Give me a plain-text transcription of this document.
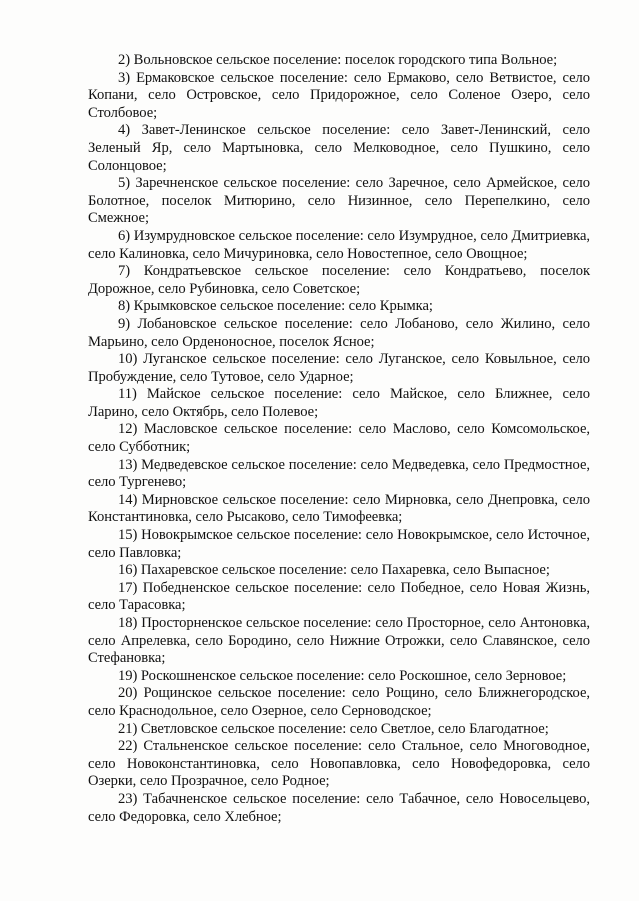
2) Вольновское сельское поселение: поселок городского типа Вольное;

3) Ермаковское сельское поселение: село Ермаково, село Ветвистое, село Копани, село Островское, село Придорожное, село Соленое Озеро, село Столбовое;

4) Завет-Ленинское сельское поселение: село Завет-Ленинский, село Зеленый Яр, село Мартыновка, село Мелководное, село Пушкино, село Солонцовое;

5) Заречненское сельское поселение: село Заречное, село Армейское, село Болотное, поселок Митюрино, село Низинное, село Перепелкино, село Смежное;

6) Изумрудновское сельское поселение: село Изумрудное, село Дмитриевка, село Калиновка, село Мичуриновка, село Новостепное, село Овощное;

7) Кондратьевское сельское поселение: село Кондратьево, поселок Дорожное, село Рубиновка, село Советское;

8) Крымковское сельское поселение: село Крымка;

9) Лобановское сельское поселение: село Лобаново, село Жилино, село Марьино, село Орденоносное, поселок Ясное;

10) Луганское сельское поселение: село Луганское, село Ковыльное, село Пробуждение, село Тутовое, село Ударное;

11) Майское сельское поселение: село Майское, село Ближнее, село Ларино, село Октябрь, село Полевое;

12) Масловское сельское поселение: село Маслово, село Комсомольское, село Субботник;

13) Медведевское сельское поселение: село Медведевка, село Предмостное, село Тургенево;

14) Мирновское сельское поселение: село Мирновка, село Днепровка, село Константиновка, село Рысаково, село Тимофеевка;

15) Новокрымское сельское поселение: село Новокрымское, село Источное, село Павловка;

16) Пахаревское сельское поселение: село Пахаревка, село Выпасное;

17) Победненское сельское поселение: село Победное, село Новая Жизнь, село Тарасовка;

18) Просторненское сельское поселение: село Просторное, село Антоновка, село Апрелевка, село Бородино, село Нижние Отрожки, село Славянское, село Стефановка;

19) Роскошненское сельское поселение: село Роскошное, село Зерновое;

20) Рощинское сельское поселение: село Рощино, село Ближнегородское, село Краснодольное, село Озерное, село Серноводское;

21) Светловское сельское поселение: село Светлое, село Благодатное;

22) Стальненское сельское поселение: село Стальное, село Многоводное, село Новоконстантиновка, село Новопавловка, село Новофедоровка, село Озерки, село Прозрачное, село Родное;

23) Табачненское сельское поселение: село Табачное, село Новосельцево, село Федоровка, село Хлебное;
